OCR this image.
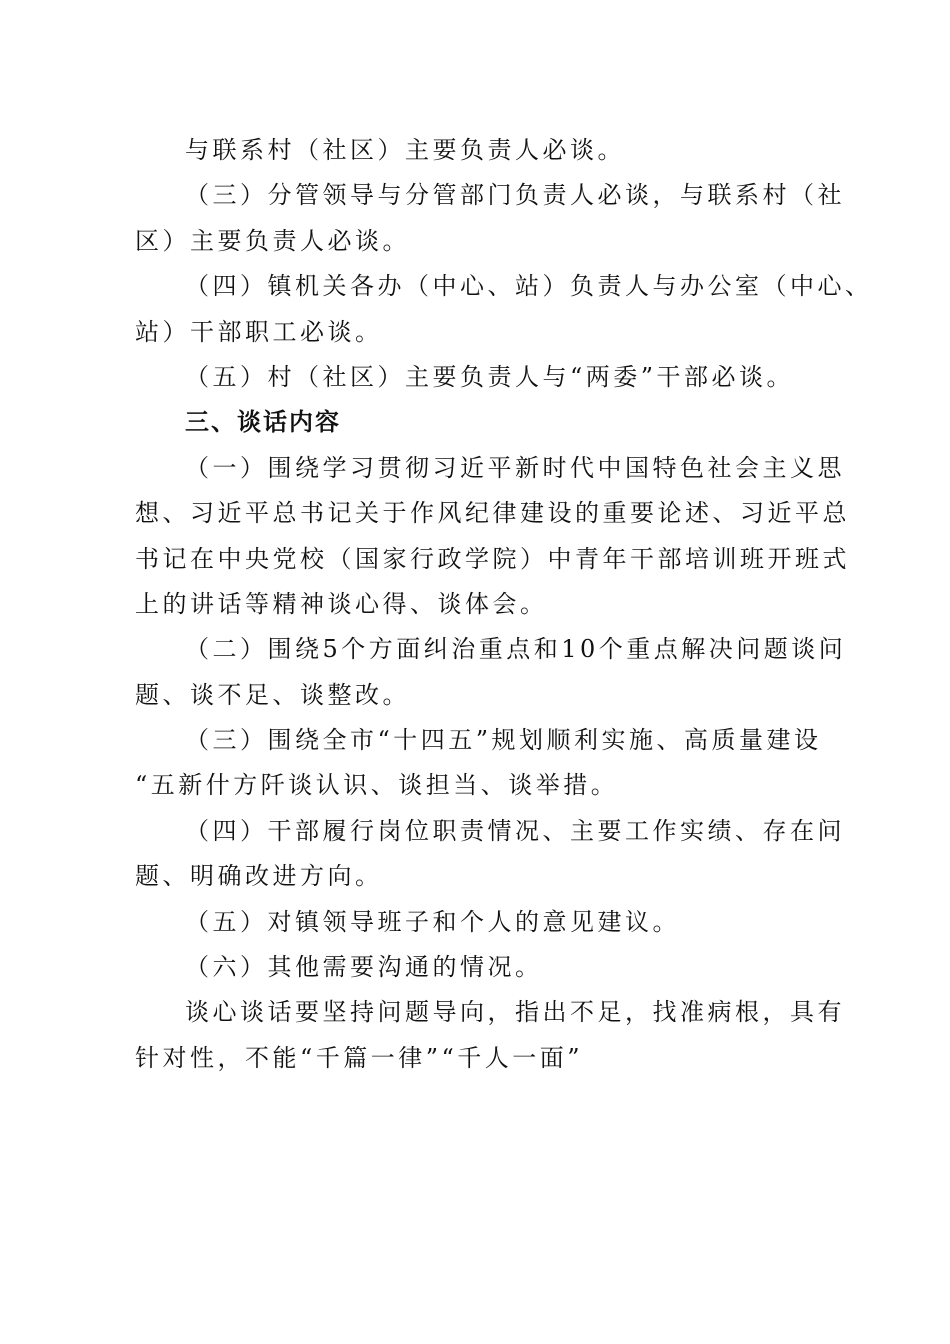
与联系村（社区）主要负责人必谈。
（三）分管领导与分管部门负责人必谈，与联系村（社
区）主要负责人必谈。
（四）镇机关各办（中心、站）负责人与办公室（中心、
站）干部职工必谈。
（五）村（社区）主要负责人与“两委”干部必谈。
三、谈话内容
（一）围绕学习贯彻习近平新时代中国特色社会主义思
想、习近平总书记关于作风纪律建设的重要论述、习近平总
书记在中央党校（国家行政学院）中青年干部培训班开班式
上的讲话等精神谈心得、谈体会。
（二）围绕5个方面纠治重点和10个重点解决问题谈问
题、谈不足、谈整改。
（三）围绕全市“十四五”规划顺利实施、高质量建设
“五新什方阡谈认识、谈担当、谈举措。
（四）干部履行岗位职责情况、主要工作实绩、存在问
题、明确改进方向。
（五）对镇领导班子和个人的意见建议。
（六）其他需要沟通的情况。
谈心谈话要坚持问题导向，指出不足，找准病根，具有
针对性，不能“千篇一律”“千人一面”
